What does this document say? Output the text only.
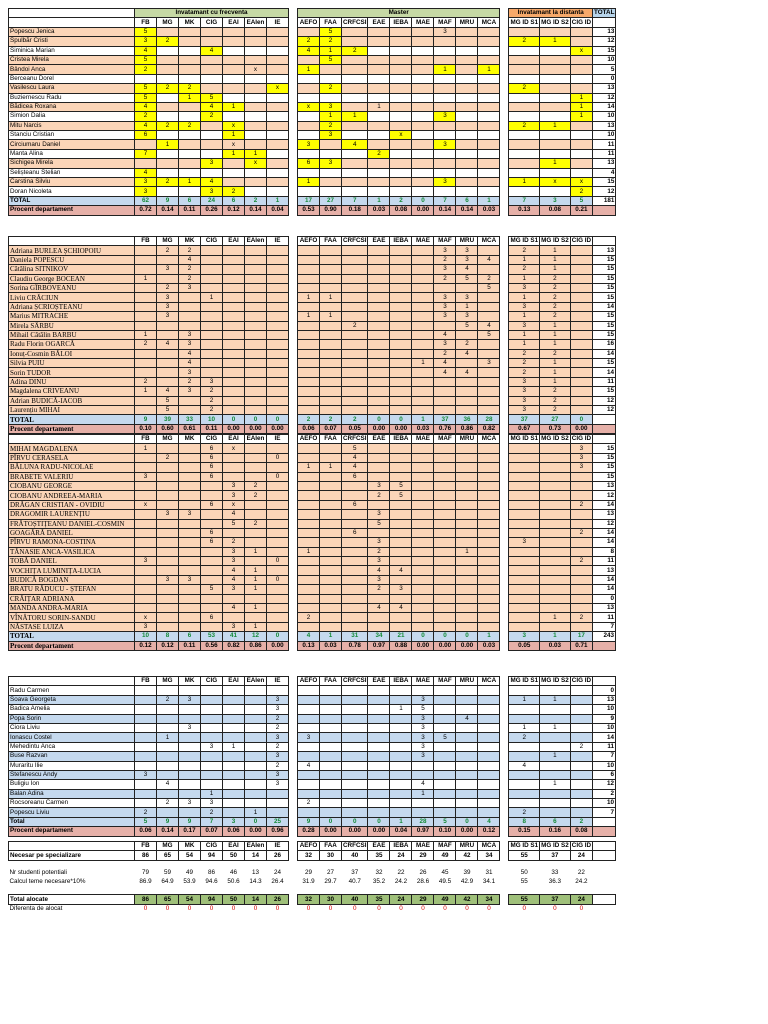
	Invatamant cu frecventa								Master										Invatamant la distanta			TOTAL
	FB	MG	MK	CIG	EAI	EAIen	IE		AEFO	FAA	CRFCSI	EAE	IEBA	MAE	MAF	MRU	MCA		MG ID S1	MG ID S2	CIG ID	
Popescu Jenica	5									5					3							13
Spulbăr Cristi	3	2							2	2									2	1		12
Siminica Marian	4			4					4	1	2										x	15
Cristea Mirela	5									5												10
Bândoi Anca	2					x			1						1		1					5
Berceanu Dorel																						0
Vasilescu Laura	5	2	2				x			2									2			13
Buziernescu Radu	5		1	5																	1	12
Bădicea Roxana	4			4	1				x	3		1									1	14
Simion Dalia	2			2						1	1				3						1	10
Mitu Narcis	4	2	2		x					2									2	1		13
Stanciu Cristian	6				1					3			x									10
Circiumaru Daniel		1			x				3		4				3							11
Manta Alina	7				1	1						2										11
Sichigea Mirela				3		x			6	3										1		13
Selișteanu Stelian	4																					4
Carstina Silviu	3	2	1	4					1						3				1	x	x	15
Doran Nicoleta	3			3	2																2	12
TOTAL	62	9	6	24	6	2	1		17	27	7	1	2	0	7	6	1		7	3	5	181
Procent departament	0.72	0.14	0.11	0.26	0.12	0.14	0.04		0.53	0.90	0.18	0.03	0.08	0.00	0.14	0.14	0.03		0.13	0.08	0.21	
	FB	MG	MK	CIG	EAI	EAIen	IE		AEFO	FAA	CRFCSI	EAE	IEBA	MAE	MAF	MRU	MCA		MG ID S1	MG ID S2	CIG ID	
Adriana BURLEA ȘCHIOPOIU		2	2												3	3			2	1		13
Daniela POPESCU			4												2	3	4		1	1		15
Cătălina SITNIKOV		3	2												3	4			2	1		15
Claudiu George BOCEAN	1		2												2	5	2		1	2		15
Sorina GÎRBOVEANU		2	3														5		3	2		15
Liviu CRĂCIUN		3		1					1	1					3	3			1	2		15
Adriana ȘCRIOȘTEANU		3													3	1			3	2		14
Marius MITRACHE		3							1	1					3	3			1	2		15
Mirela SÂRBU											2					5	4		3	1		15
Mihail Cătălin BARBU	1		3												4		5		1	1		15
Radu Florin OGARCĂ	2	4	3												3	2			1	1		16
Ionuț-Cosmin BĂLOI			4												2	4			2	2		14
Silvia PUIU			4											1	4		3		2	1		15
Sorin TUDOR			3												4	4			2	1		14
Adina DINU	2		2	3															3	1		11
Magdalena CRIVEANU	1	4	3	2															3	2		15
Adrian BUDICĂ-IACOB		5		2															3	2		12
Laurențiu MIHAI		5		2															3	2		12
TOTAL	9	39	33	10	0	0	0		2	2	2	0	0	1	37	36	28		37	27	0	
Procent departament	0.10	0.60	0.61	0.11	0.00	0.00	0.00		0.06	0.07	0.05	0.00	0.00	0.03	0.76	0.86	0.82		0.67	0.73	0.00	
	FB	MG	MK	CIG	EAI	EAIen	IE		AEFO	FAA	CRFCSI	EAE	IEBA	MAE	MAF	MRU	MCA		MG ID S1	MG ID S2	CIG ID	
MIHAI MAGDALENA	1			6	x						5										3	15
PÎRVU CERASELA		2		6			0				4										3	15
BĂLUNA RADU-NICOLAE				6					1	1	4										3	15
BRABETE VALERIU	3			6			0				6											15
CIOBANU GEORGE					3	2						3	5									13
CIOBANU ANDREEA-MARIA					3	2						2	5									12
DRĂGAN CRISTIAN - OVIDIU	x			6	x						6										2	14
DRAGOMIR LAURENȚIU		3	3		4							3										13
FRĂTOȘTIȚEANU DANIEL-COSMIN					5	2						5										12
GOAGĂRĂ DANIEL				6							6										2	14
PÎRVU RAMONA-COSTINA				6	2							3							3			14
TĂNASIE ANCA-VASILICA					3	1			1			2				1						8
TOBĂ DANIEL	3				3		0					3									2	11
VOCHIȚA LUMINIȚA-LUCIA					4	1						4	4									13
BUDICĂ BOGDAN		3	3		4	1	0					3										14
BRATU RĂDUCU - ȘTEFAN				5	3	1						2	3									14
CRĂIȚAR ADRIANA																						0
MANDA ANDRA-MARIA					4	1						4	4									13
VÎNĂTORU SORIN-SANDU	x			6					2											1	2	11
NĂSTASE LUIZA	3				3	1																7
TOTAL	10	8	6	53	41	12	0		4	1	31	34	21	0	0	0	1		3	1	17	243
Procent departament	0.12	0.12	0.11	0.56	0.82	0.86	0.00		0.13	0.03	0.78	0.97	0.88	0.00	0.00	0.00	0.03		0.05	0.03	0.71	
	FB	MG	MK	CIG	EAI	EAIen	IE		AEFO	FAA	CRFCSI	EAE	IEBA	MAE	MAF	MRU	MCA		MG ID S1	MG ID S2	CIG ID	
Radu Carmen																						0
Soava Georgeta		2	3				3							3					1	1		13
Badica Amelia							3						1	5								10
Popa Sorin							2							3		4						9
Ciora Liviu			3				2							3					1	1		10
Ionascu Costel		1					3		3					3	5				2			14
Mehedintu Anca				3	1		2							3							2	11
Buse Razvan							3							3						1		7
Muraritu Ilie							2		4										4			10
Stefanescu Andy	3						3															6
Buligiu Ion		4					3							4						1		12
Balan Adina				1										1								2
Rocsoreanu Carmen		2	3	3					2													10
Popescu Liviu	2			2		1													2			7
Total	5	9	9	7	3	0	25		9	0	0	0	1	28	5	0	4		8	6	2	
Procent departament	0.06	0.14	0.17	0.07	0.06	0.00	0.96		0.28	0.00	0.00	0.00	0.04	0.97	0.10	0.00	0.12		0.15	0.16	0.08	
	FB	MG	MK	CIG	EAI	EAIen	IE		AEFO	FAA	CRFCSI	EAE	IEBA	MAE	MAF	MRU	MCA		MG ID S1	MG ID S2	CIG ID	
Necesar pe specializare	86	65	54	94	50	14	26		32	30	40	35	24	29	49	42	34		55	37	24	

Nr studenti potentiali	79	59	49	86	46	13	24		29	27	37	32	22	26	45	39	31		50	33	22	
Calcul teme necesare*10%	86.9	64.9	53.9	94.6	50.6	14.3	26.4		31.9	29.7	40.7	35.2	24.2	28.6	49.5	42.9	34.1		55	36.3	24.2	

Total alocate	86	65	54	94	50	14	26		32	30	40	35	24	29	49	42	34		55	37	24	
Diferenta de alocat	0	0	0	0	0	0	0		0	0	0	0	0	0	0	0	0		0	0	0	
